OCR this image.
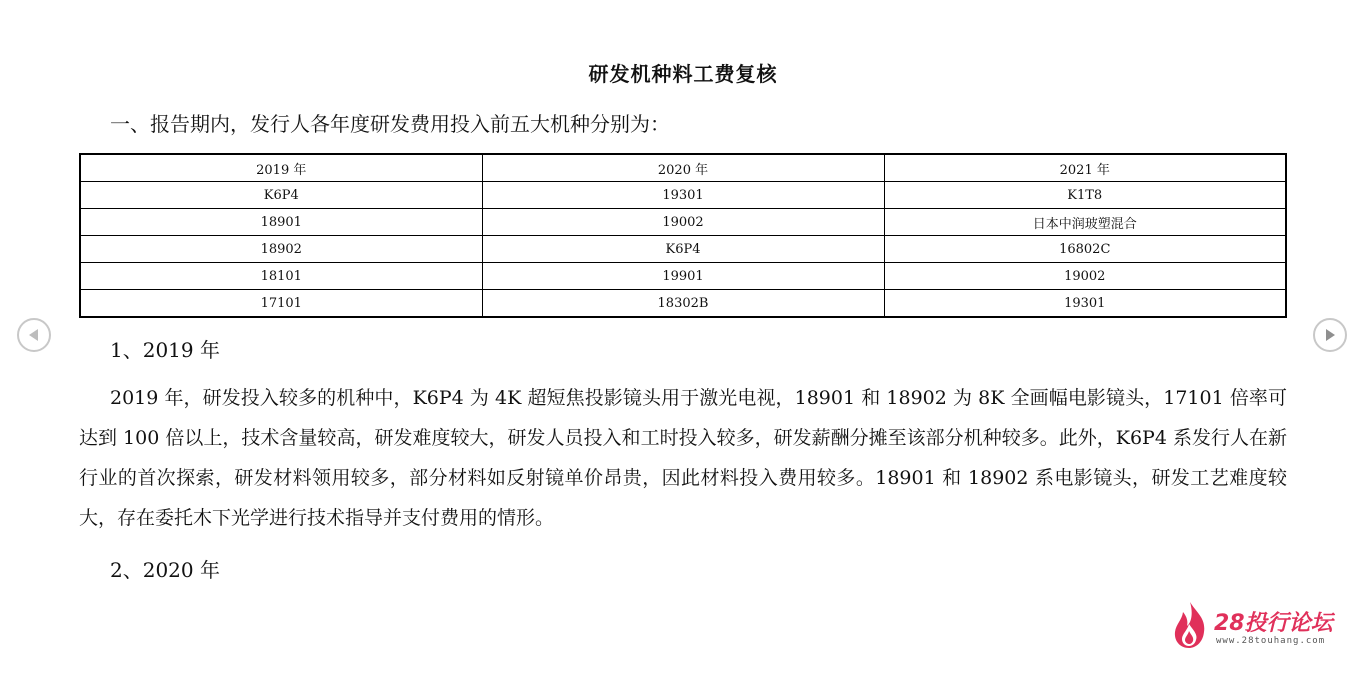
研发机种料工费复核
一、报告期内，发行人各年度研发费用投入前五大机种分别为：
2019 年	2020 年	2021 年
K6P4	19301	K1T8
18901	19002	日本中润玻塑混合
18902	K6P4	16802C
18101	19901	19002
17101	18302B	19301
1、2019 年
2019 年，研发投入较多的机种中，K6P4 为 4K 超短焦投影镜头用于激光电视，18901 和 18902 为 8K 全画幅电影镜头，17101 倍率可达到 100 倍以上，技术含量较高，研发难度较大，研发人员投入和工时投入较多，研发薪酬分摊至该部分机种较多。此外，K6P4 系发行人在新行业的首次探索，研发材料领用较多，部分材料如反射镜单价昂贵，因此材料投入费用较多。18901 和 18902 系电影镜头，研发工艺难度较大，存在委托木下光学进行技术指导并支付费用的情形。
2、2020 年
28投行论坛
www.28touhang.com
